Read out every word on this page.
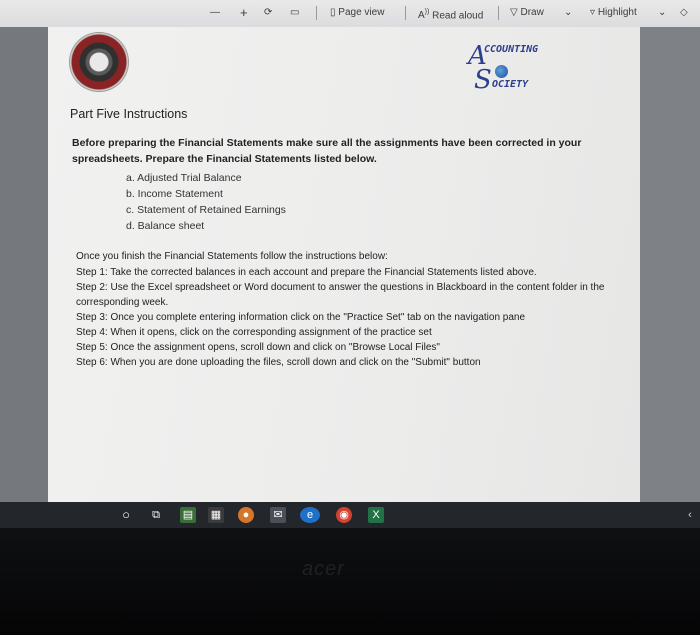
— + ⟳ ▭	▯ Page view	A)) Read aloud	▽ Draw ⌄ ▿ Highlight ⌄ ◇
A
CCOUNTING
S OCIETY
Part Five Instructions
Before preparing the Financial Statements make sure all the assignments have been corrected in your spreadsheets. Prepare the Financial Statements listed below.
a. Adjusted Trial Balance
b. Income Statement
c. Statement of Retained Earnings
d. Balance sheet
Once you finish the Financial Statements follow the instructions below:
Step 1: Take the corrected balances in each account and prepare the Financial Statements listed above.
Step 2: Use the Excel spreadsheet or Word document to answer the questions in Blackboard in the content folder in the corresponding week.
Step 3: Once you complete entering information click on the "Practice Set" tab on the navigation pane
Step 4: When it opens, click on the corresponding assignment of the practice set
Step 5: Once the assignment opens, scroll down and click on "Browse Local Files"
Step 6: When you are done uploading the files, scroll down and click on the "Submit" button
○	⧉	▤ ▦	●	✉	e	◉	X	‹
acer
